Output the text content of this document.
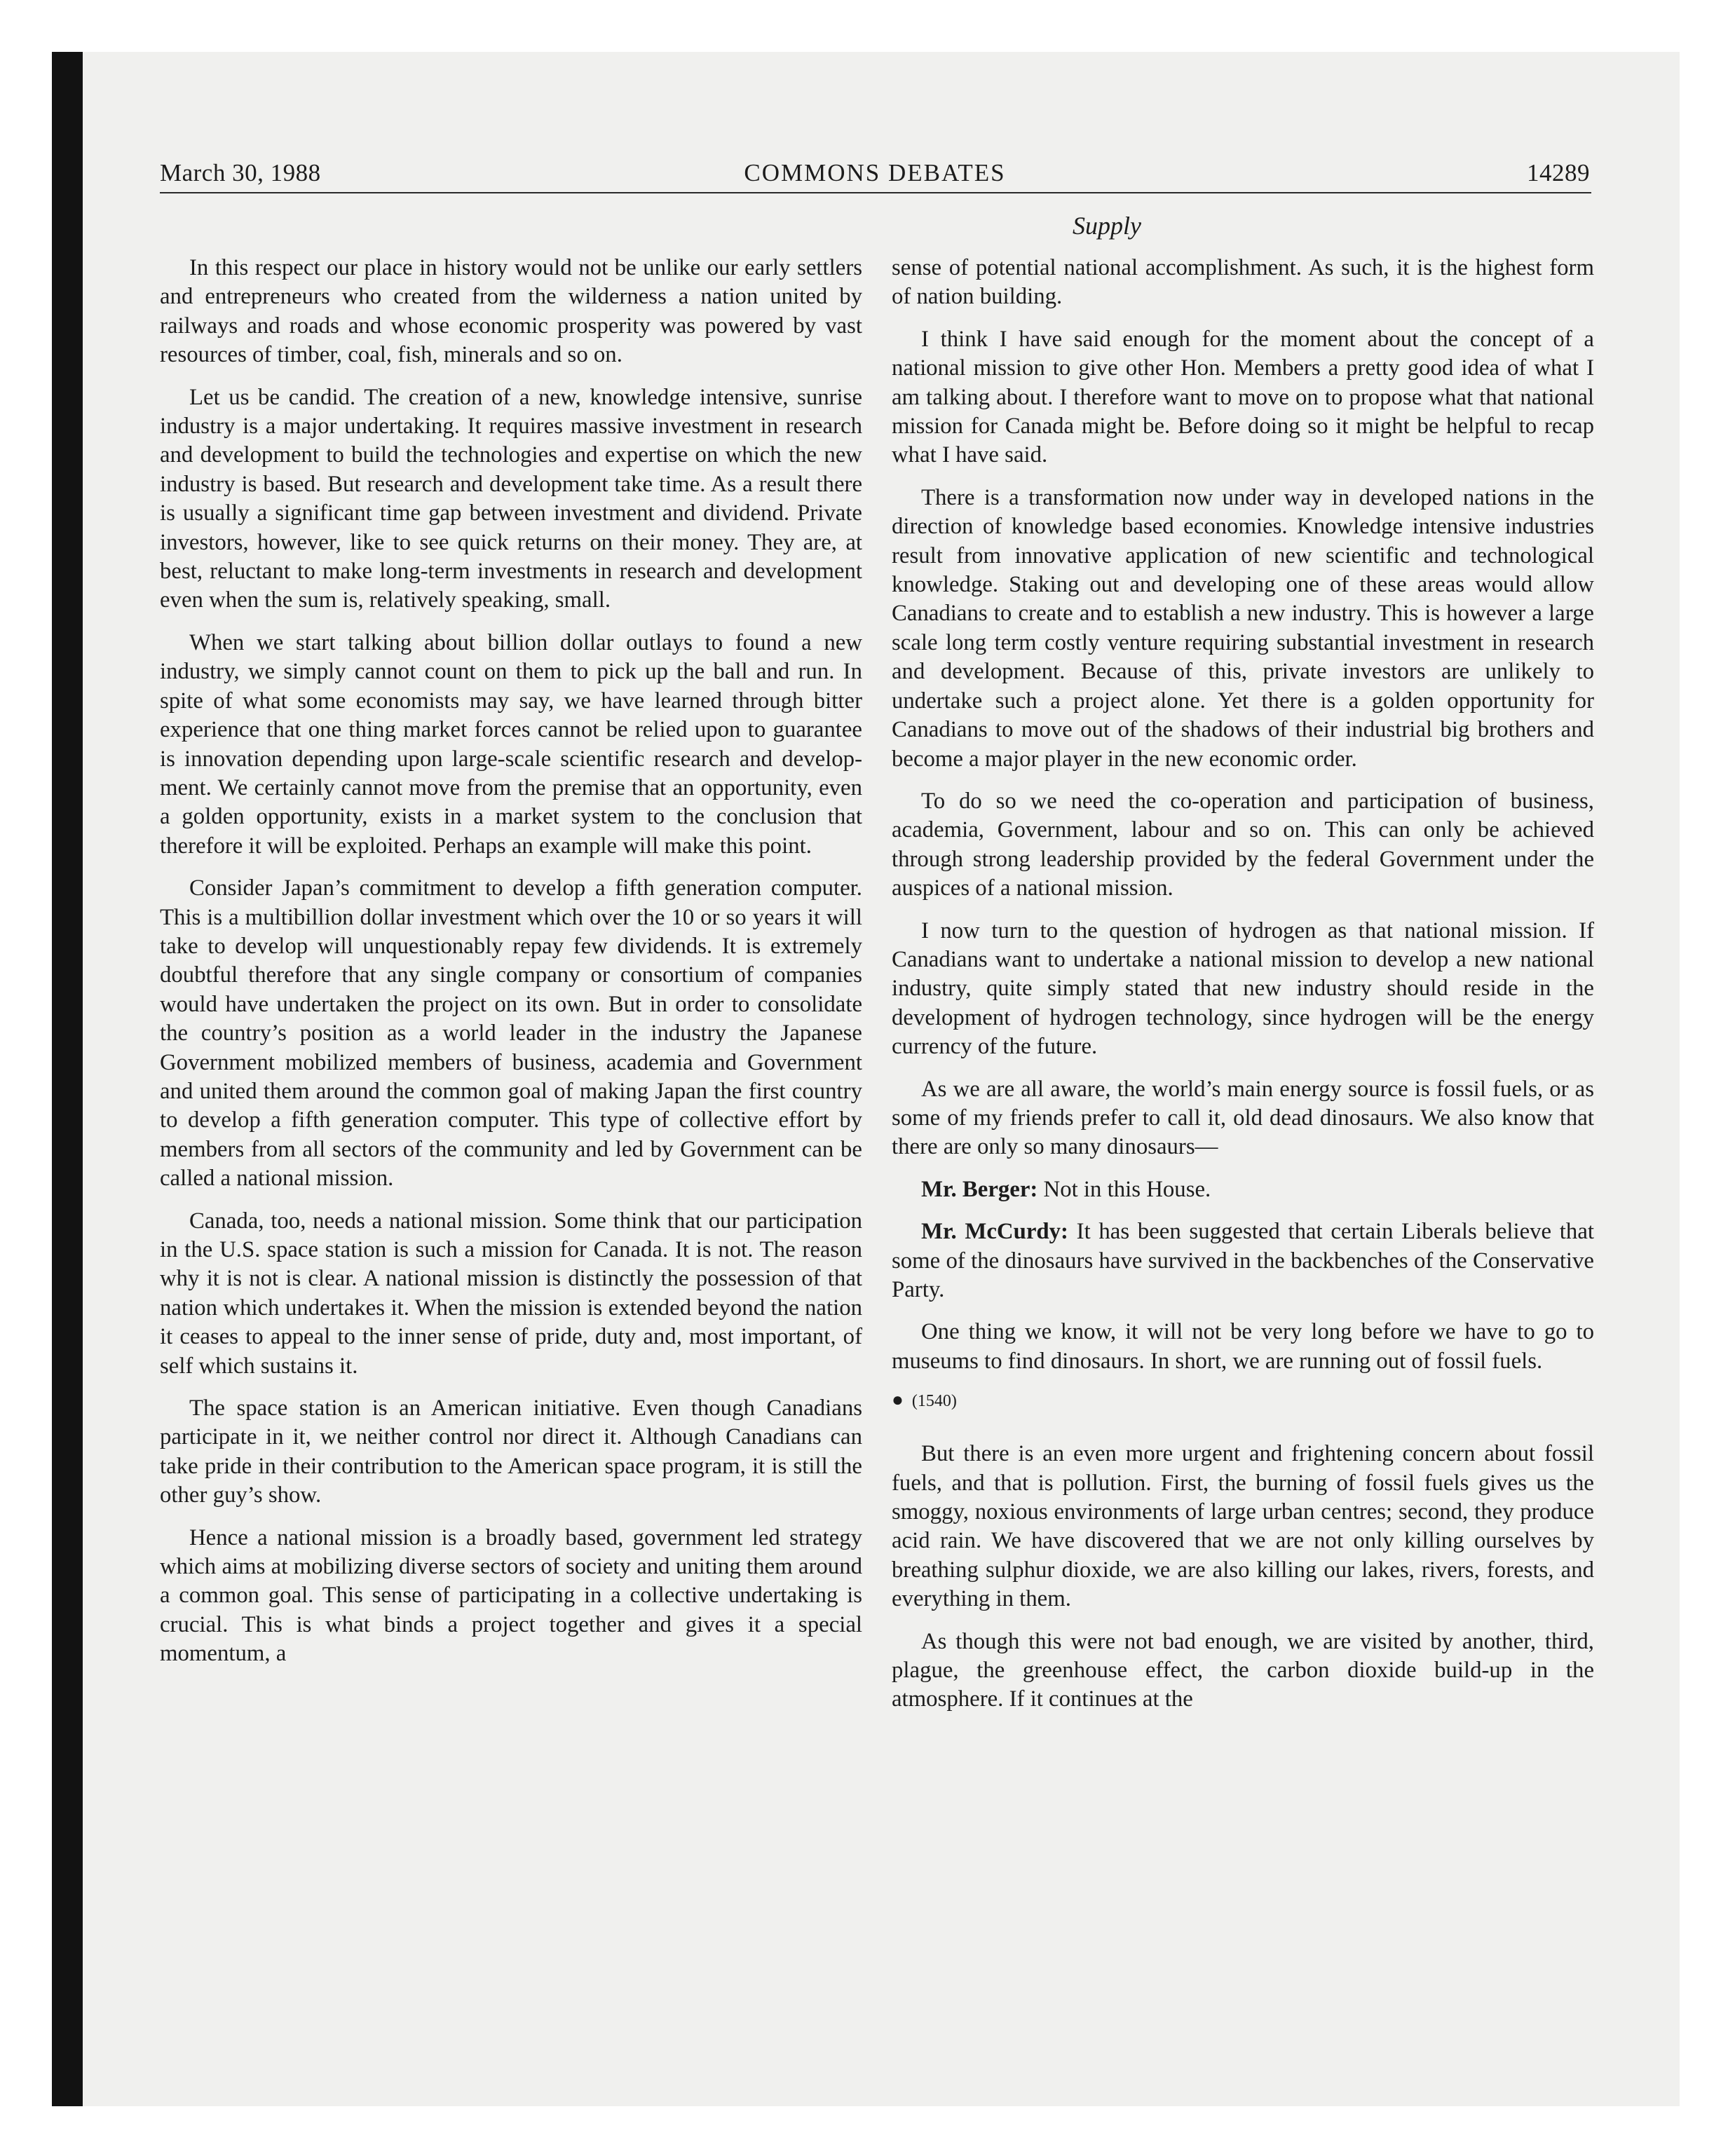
March 30, 1988	COMMONS DEBATES	14289
Supply

In this respect our place in history would not be unlike our early settlers and entrepreneurs who created from the wilderness a nation united by railways and roads and whose economic prosperity was powered by vast resources of timber, coal, fish, minerals and so on.

Let us be candid. The creation of a new, knowledge intensive, sunrise industry is a major undertaking. It requires massive investment in research and development to build the technologies and expertise on which the new industry is based. But research and development take time. As a result there is usually a significant time gap between investment and dividend. Private investors, however, like to see quick returns on their money. They are, at best, reluctant to make long-term investments in research and development even when the sum is, relatively speaking, small.

When we start talking about billion dollar outlays to found a new industry, we simply cannot count on them to pick up the ball and run. In spite of what some economists may say, we have learned through bitter experience that one thing market forces cannot be relied upon to guarantee is innovation depending upon large-scale scientific research and development. We certainly cannot move from the premise that an opportunity, even a golden opportunity, exists in a market system to the conclusion that therefore it will be exploited. Perhaps an example will make this point.

Consider Japan’s commitment to develop a fifth generation computer. This is a multibillion dollar investment which over the 10 or so years it will take to develop will unquestionably repay few dividends. It is extremely doubtful therefore that any single company or consortium of companies would have undertaken the project on its own. But in order to consolidate the country’s position as a world leader in the industry the Japanese Government mobilized members of business, academia and Government and united them around the common goal of making Japan the first country to develop a fifth generation computer. This type of collective effort by members from all sectors of the community and led by Government can be called a national mission.

Canada, too, needs a national mission. Some think that our participation in the U.S. space station is such a mission for Canada. It is not. The reason why it is not is clear. A national mission is distinctly the possession of that nation which undertakes it. When the mission is extended beyond the nation it ceases to appeal to the inner sense of pride, duty and, most important, of self which sustains it.

The space station is an American initiative. Even though Canadians participate in it, we neither control nor direct it. Although Canadians can take pride in their contribution to the American space program, it is still the other guy’s show.

Hence a national mission is a broadly based, government led strategy which aims at mobilizing diverse sectors of society and uniting them around a common goal. This sense of participating in a collective undertaking is crucial. This is what binds a project together and gives it a special momentum, a

sense of potential national accomplishment. As such, it is the highest form of nation building.

I think I have said enough for the moment about the concept of a national mission to give other Hon. Members a pretty good idea of what I am talking about. I therefore want to move on to propose what that national mission for Canada might be. Before doing so it might be helpful to recap what I have said.

There is a transformation now under way in developed nations in the direction of knowledge based economies. Knowledge intensive industries result from innovative application of new scientific and technological knowledge. Staking out and developing one of these areas would allow Canadians to create and to establish a new industry. This is however a large scale long term costly venture requiring substantial investment in research and development. Because of this, private investors are unlikely to undertake such a project alone. Yet there is a golden opportunity for Canadians to move out of the shadows of their industrial big brothers and become a major player in the new economic order.

To do so we need the co-operation and participation of business, academia, Government, labour and so on. This can only be achieved through strong leadership provided by the federal Government under the auspices of a national mission.

I now turn to the question of hydrogen as that national mission. If Canadians want to undertake a national mission to develop a new national industry, quite simply stated that new industry should reside in the development of hydrogen technology, since hydrogen will be the energy currency of the future.

As we are all aware, the world’s main energy source is fossil fuels, or as some of my friends prefer to call it, old dead dinosaurs. We also know that there are only so many dinosaurs—

Mr. Berger: Not in this House.

Mr. McCurdy: It has been suggested that certain Liberals believe that some of the dinosaurs have survived in the backbenches of the Conservative Party.

One thing we know, it will not be very long before we have to go to museums to find dinosaurs. In short, we are running out of fossil fuels.

● (1540)

But there is an even more urgent and frightening concern about fossil fuels, and that is pollution. First, the burning of fossil fuels gives us the smoggy, noxious environments of large urban centres; second, they produce acid rain. We have discovered that we are not only killing ourselves by breathing sulphur dioxide, we are also killing our lakes, rivers, forests, and everything in them.

As though this were not bad enough, we are visited by another, third, plague, the greenhouse effect, the carbon dioxide build-up in the atmosphere. If it continues at the
